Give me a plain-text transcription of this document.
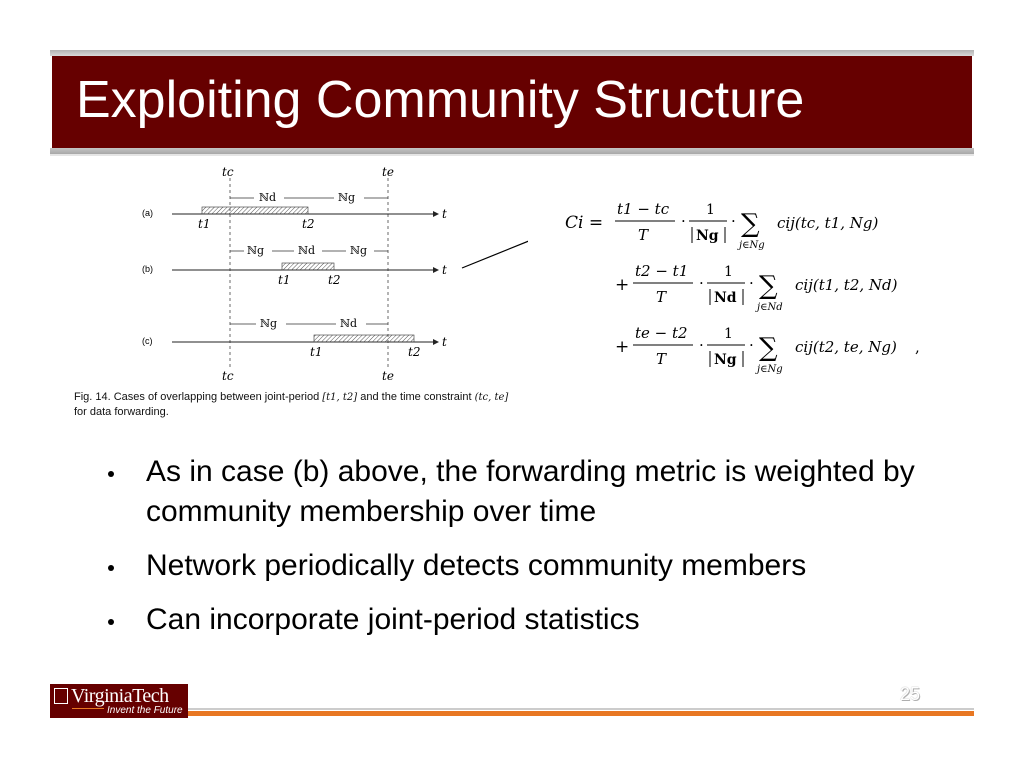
Exploiting Community Structure
tc	te
(a)
ℕd	ℕg
t1	t2
t
(b)
ℕg	ℕd	ℕg
t1	t2
t
(c)
ℕg	ℕd
t1	t2
t
tc	te
Fig. 14. Cases of overlapping between joint-period [t1, t2] and the time constraint (tc, te] for data forwarding.
Ci =
t1 − tc
T
·
1
Ng
· ∑
j∈Ng
cij(tc, t1, Ng)
+
t2 − t1
T
·
1
Nd
· ∑
j∈Nd
cij(t1, t2, Nd)
+
te − t2
T
·
1
Ng
· ∑
j∈Ng
cij(t2, te, Ng) ,
As in case (b) above, the forwarding metric is weighted by community membership over time
Network periodically detects community members
Can incorporate joint-period statistics
VirginiaTech
Invent the Future
25
